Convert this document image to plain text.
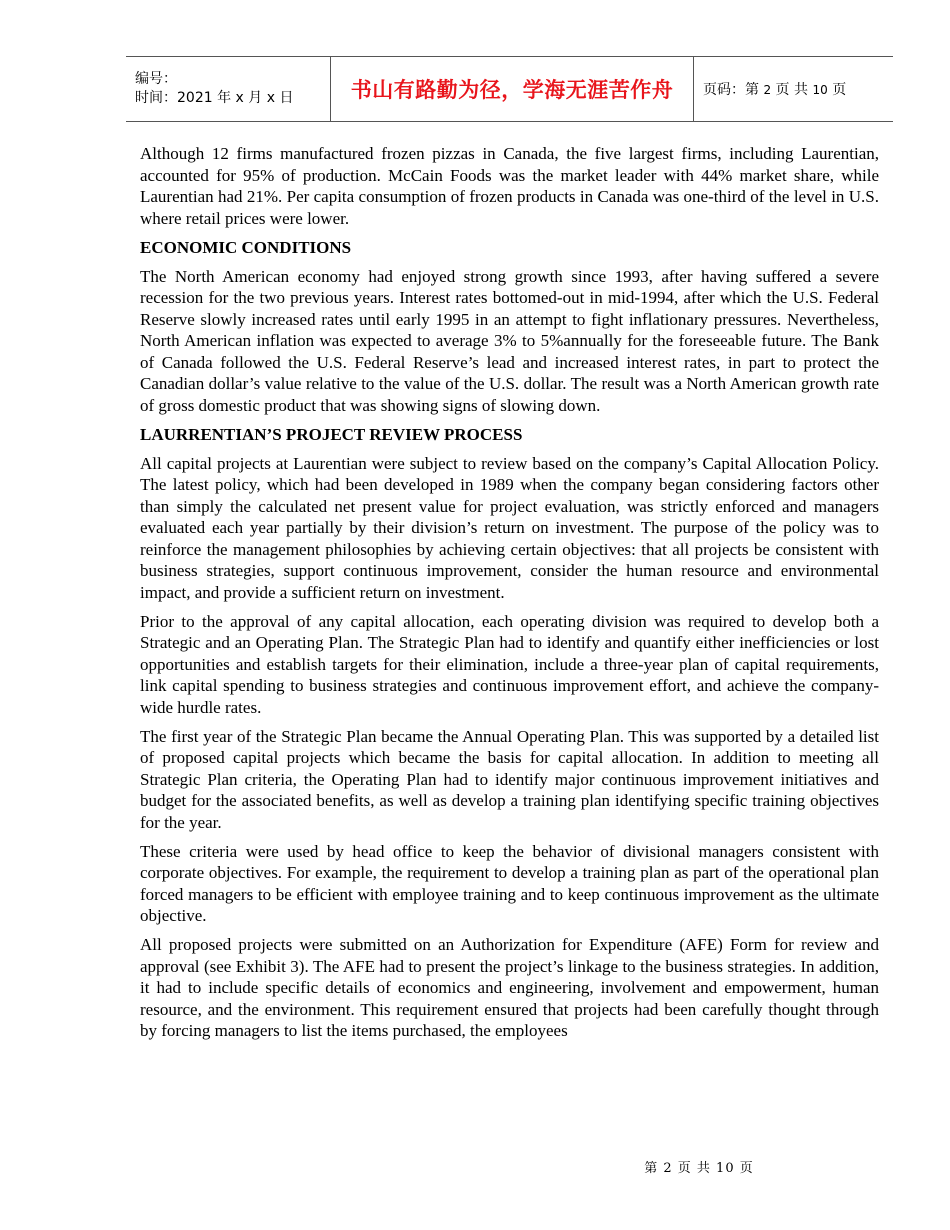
编号：
时间：2021 年 x 月 x 日	书山有路勤为径，学海无涯苦作舟	页码：第 2 页 共 10 页

Although 12 firms manufactured frozen pizzas in Canada, the five largest firms, including Laurentian, accounted for 95% of production. McCain Foods was the market leader with 44% market share, while Laurentian had 21%. Per capita consumption of frozen products in Canada was one-third of the level in U.S. where retail prices were lower.

ECONOMIC CONDITIONS

The North American economy had enjoyed strong growth since 1993, after having suffered a severe recession for the two previous years. Interest rates bottomed-out in mid-1994, after which the U.S. Federal Reserve slowly increased rates until early 1995 in an attempt to fight inflationary pressures. Nevertheless, North American inflation was expected to average 3% to 5%annually for the foreseeable future. The Bank of Canada followed the U.S. Federal Reserve’s lead and increased interest rates, in part to protect the Canadian dollar’s value relative to the value of the U.S. dollar. The result was a North American growth rate of gross domestic product that was showing signs of slowing down.

LAURRENTIAN’S PROJECT REVIEW PROCESS

All capital projects at Laurentian were subject to review based on the company’s Capital Allocation Policy. The latest policy, which had been developed in 1989 when the company began considering factors other than simply the calculated net present value for project evaluation, was strictly enforced and managers evaluated each year partially by their division’s return on investment. The purpose of the policy was to reinforce the management philosophies by achieving certain objectives: that all projects be consistent with business strategies, support continuous improvement, consider the human resource and environmental impact, and provide a sufficient return on investment.

Prior to the approval of any capital allocation, each operating division was required to develop both a Strategic and an Operating Plan. The Strategic Plan had to identify and quantify either inefficiencies or lost opportunities and establish targets for their elimination, include a three-year plan of capital requirements, link capital spending to business strategies and continuous improvement effort, and achieve the company-wide hurdle rates.

The first year of the Strategic Plan became the Annual Operating Plan. This was supported by a detailed list of proposed capital projects which became the basis for capital allocation. In addition to meeting all Strategic Plan criteria, the Operating Plan had to identify major continuous improvement initiatives and budget for the associated benefits, as well as develop a training plan identifying specific training objectives for the year.

These criteria were used by head office to keep the behavior of divisional managers consistent with corporate objectives. For example, the requirement to develop a training plan as part of the operational plan forced managers to be efficient with employee training and to keep continuous improvement as the ultimate objective.

All proposed projects were submitted on an Authorization for Expenditure (AFE) Form for review and approval (see Exhibit 3). The AFE had to present the project’s linkage to the business strategies. In addition, it had to include specific details of economics and engineering, involvement and empowerment, human resource, and the environment. This requirement ensured that projects had been carefully thought through by forcing managers to list the items purchased, the employees

第 2 页 共 10 页
